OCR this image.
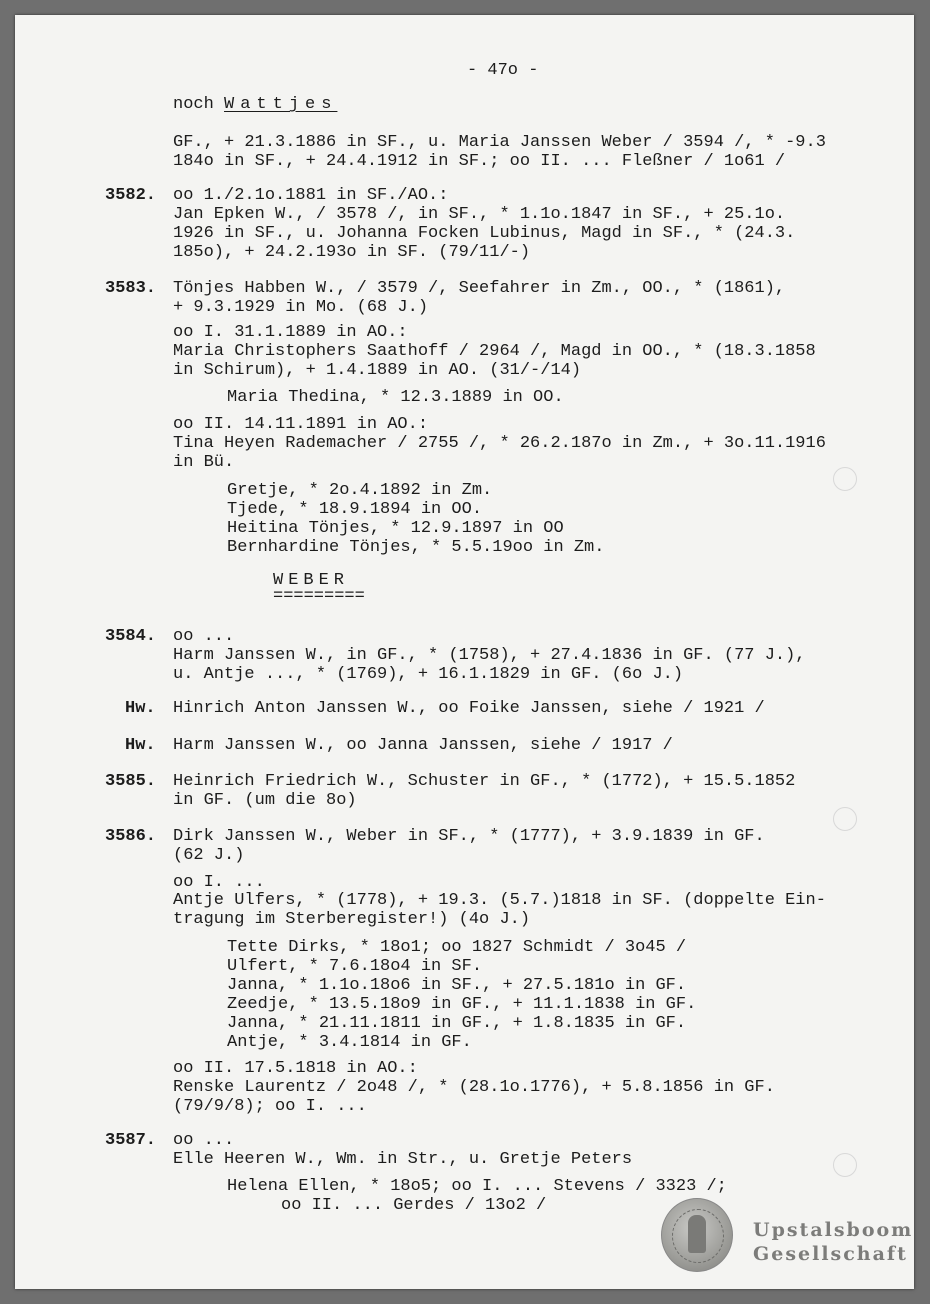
- 47o -
noch Wattjes
GF., + 21.3.1886 in SF., u. Maria Janssen Weber / 3594 /, * -9.3
184o in SF., + 24.4.1912 in SF.; oo II. ... Fleßner / 1o61 /
3582. oo 1./2.1o.1881 in SF./AO.:
Jan Epken W., / 3578 /, in SF., * 1.1o.1847 in SF., + 25.1o.
1926 in SF., u. Johanna Focken Lubinus, Magd in SF., * (24.3.
185o), + 24.2.193o in SF. (79/11/-)
3583. Tönjes Habben W., / 3579 /, Seefahrer in Zm., OO., * (1861),
+ 9.3.1929 in Mo. (68 J.)
oo I. 31.1.1889 in AO.:
Maria Christophers Saathoff / 2964 /, Magd in OO., * (18.3.1858
in Schirum), + 1.4.1889 in AO. (31/-/14)
Maria Thedina, * 12.3.1889 in OO.
oo II. 14.11.1891 in AO.:
Tina Heyen Rademacher / 2755 /, * 26.2.187o in Zm., + 3o.11.1916
in Bü.
Gretje, * 2o.4.1892 in Zm.
Tjede, * 18.9.1894 in OO.
Heitina Tönjes, * 12.9.1897 in OO
Bernhardine Tönjes, * 5.5.19oo in Zm.
WEBER
=========
3584. oo ...
Harm Janssen W., in GF., * (1758), + 27.4.1836 in GF. (77 J.),
u. Antje ..., * (1769), + 16.1.1829 in GF. (6o J.)
Hw. Hinrich Anton Janssen W., oo Foike Janssen, siehe / 1921 /
Hw. Harm Janssen W., oo Janna Janssen, siehe / 1917 /
3585. Heinrich Friedrich W., Schuster in GF., * (1772), + 15.5.1852
in GF. (um die 8o)
3586. Dirk Janssen W., Weber in SF., * (1777), + 3.9.1839 in GF.
(62 J.)
oo I. ...
Antje Ulfers, * (1778), + 19.3. (5.7.)1818 in SF. (doppelte Ein-
tragung im Sterberegister!) (4o J.)
Tette Dirks, * 18o1; oo 1827 Schmidt / 3o45 /
Ulfert, * 7.6.18o4 in SF.
Janna, * 1.1o.18o6 in SF., + 27.5.181o in GF.
Zeedje, * 13.5.18o9 in GF., + 11.1.1838 in GF.
Janna, * 21.11.1811 in GF., + 1.8.1835 in GF.
Antje, * 3.4.1814 in GF.
oo II. 17.5.1818 in AO.:
Renske Laurentz / 2o48 /, * (28.1o.1776), + 5.8.1856 in GF.
(79/9/8); oo I. ...
3587. oo ...
Elle Heeren W., Wm. in Str., u. Gretje Peters
Helena Ellen, * 18o5; oo I. ... Stevens / 3323 /;
oo II. ... Gerdes / 13o2 /
Upstalsboom
Gesellschaft
